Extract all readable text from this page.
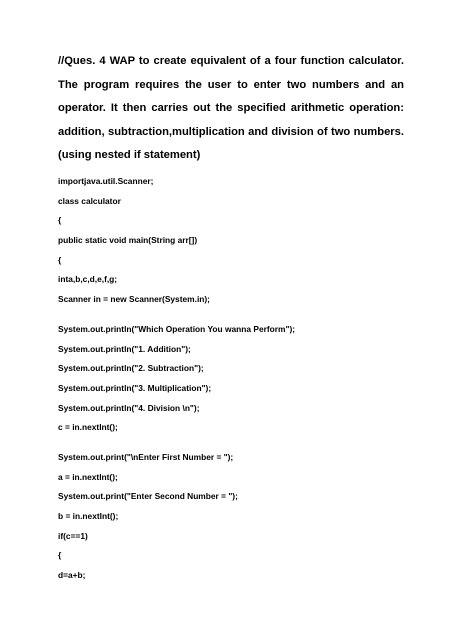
//Ques. 4 WAP to create equivalent of a four function calculator. The program requires the user to enter two numbers and an operator. It then carries out the specified arithmetic operation: addition, subtraction,multiplication and division of two numbers.(using nested if statement)
importjava.util.Scanner;
class calculator
{
public static void main(String arr[])
{
inta,b,c,d,e,f,g;
Scanner in = new Scanner(System.in);
System.out.println("Which Operation You wanna Perform");
System.out.println("1. Addition");
System.out.println("2. Subtraction");
System.out.println("3. Multiplication");
System.out.println("4. Division \n");
c = in.nextInt();
System.out.print("\nEnter First Number = ");
a = in.nextInt();
System.out.print("Enter Second Number = ");
b = in.nextInt();
if(c==1)
{
d=a+b;
